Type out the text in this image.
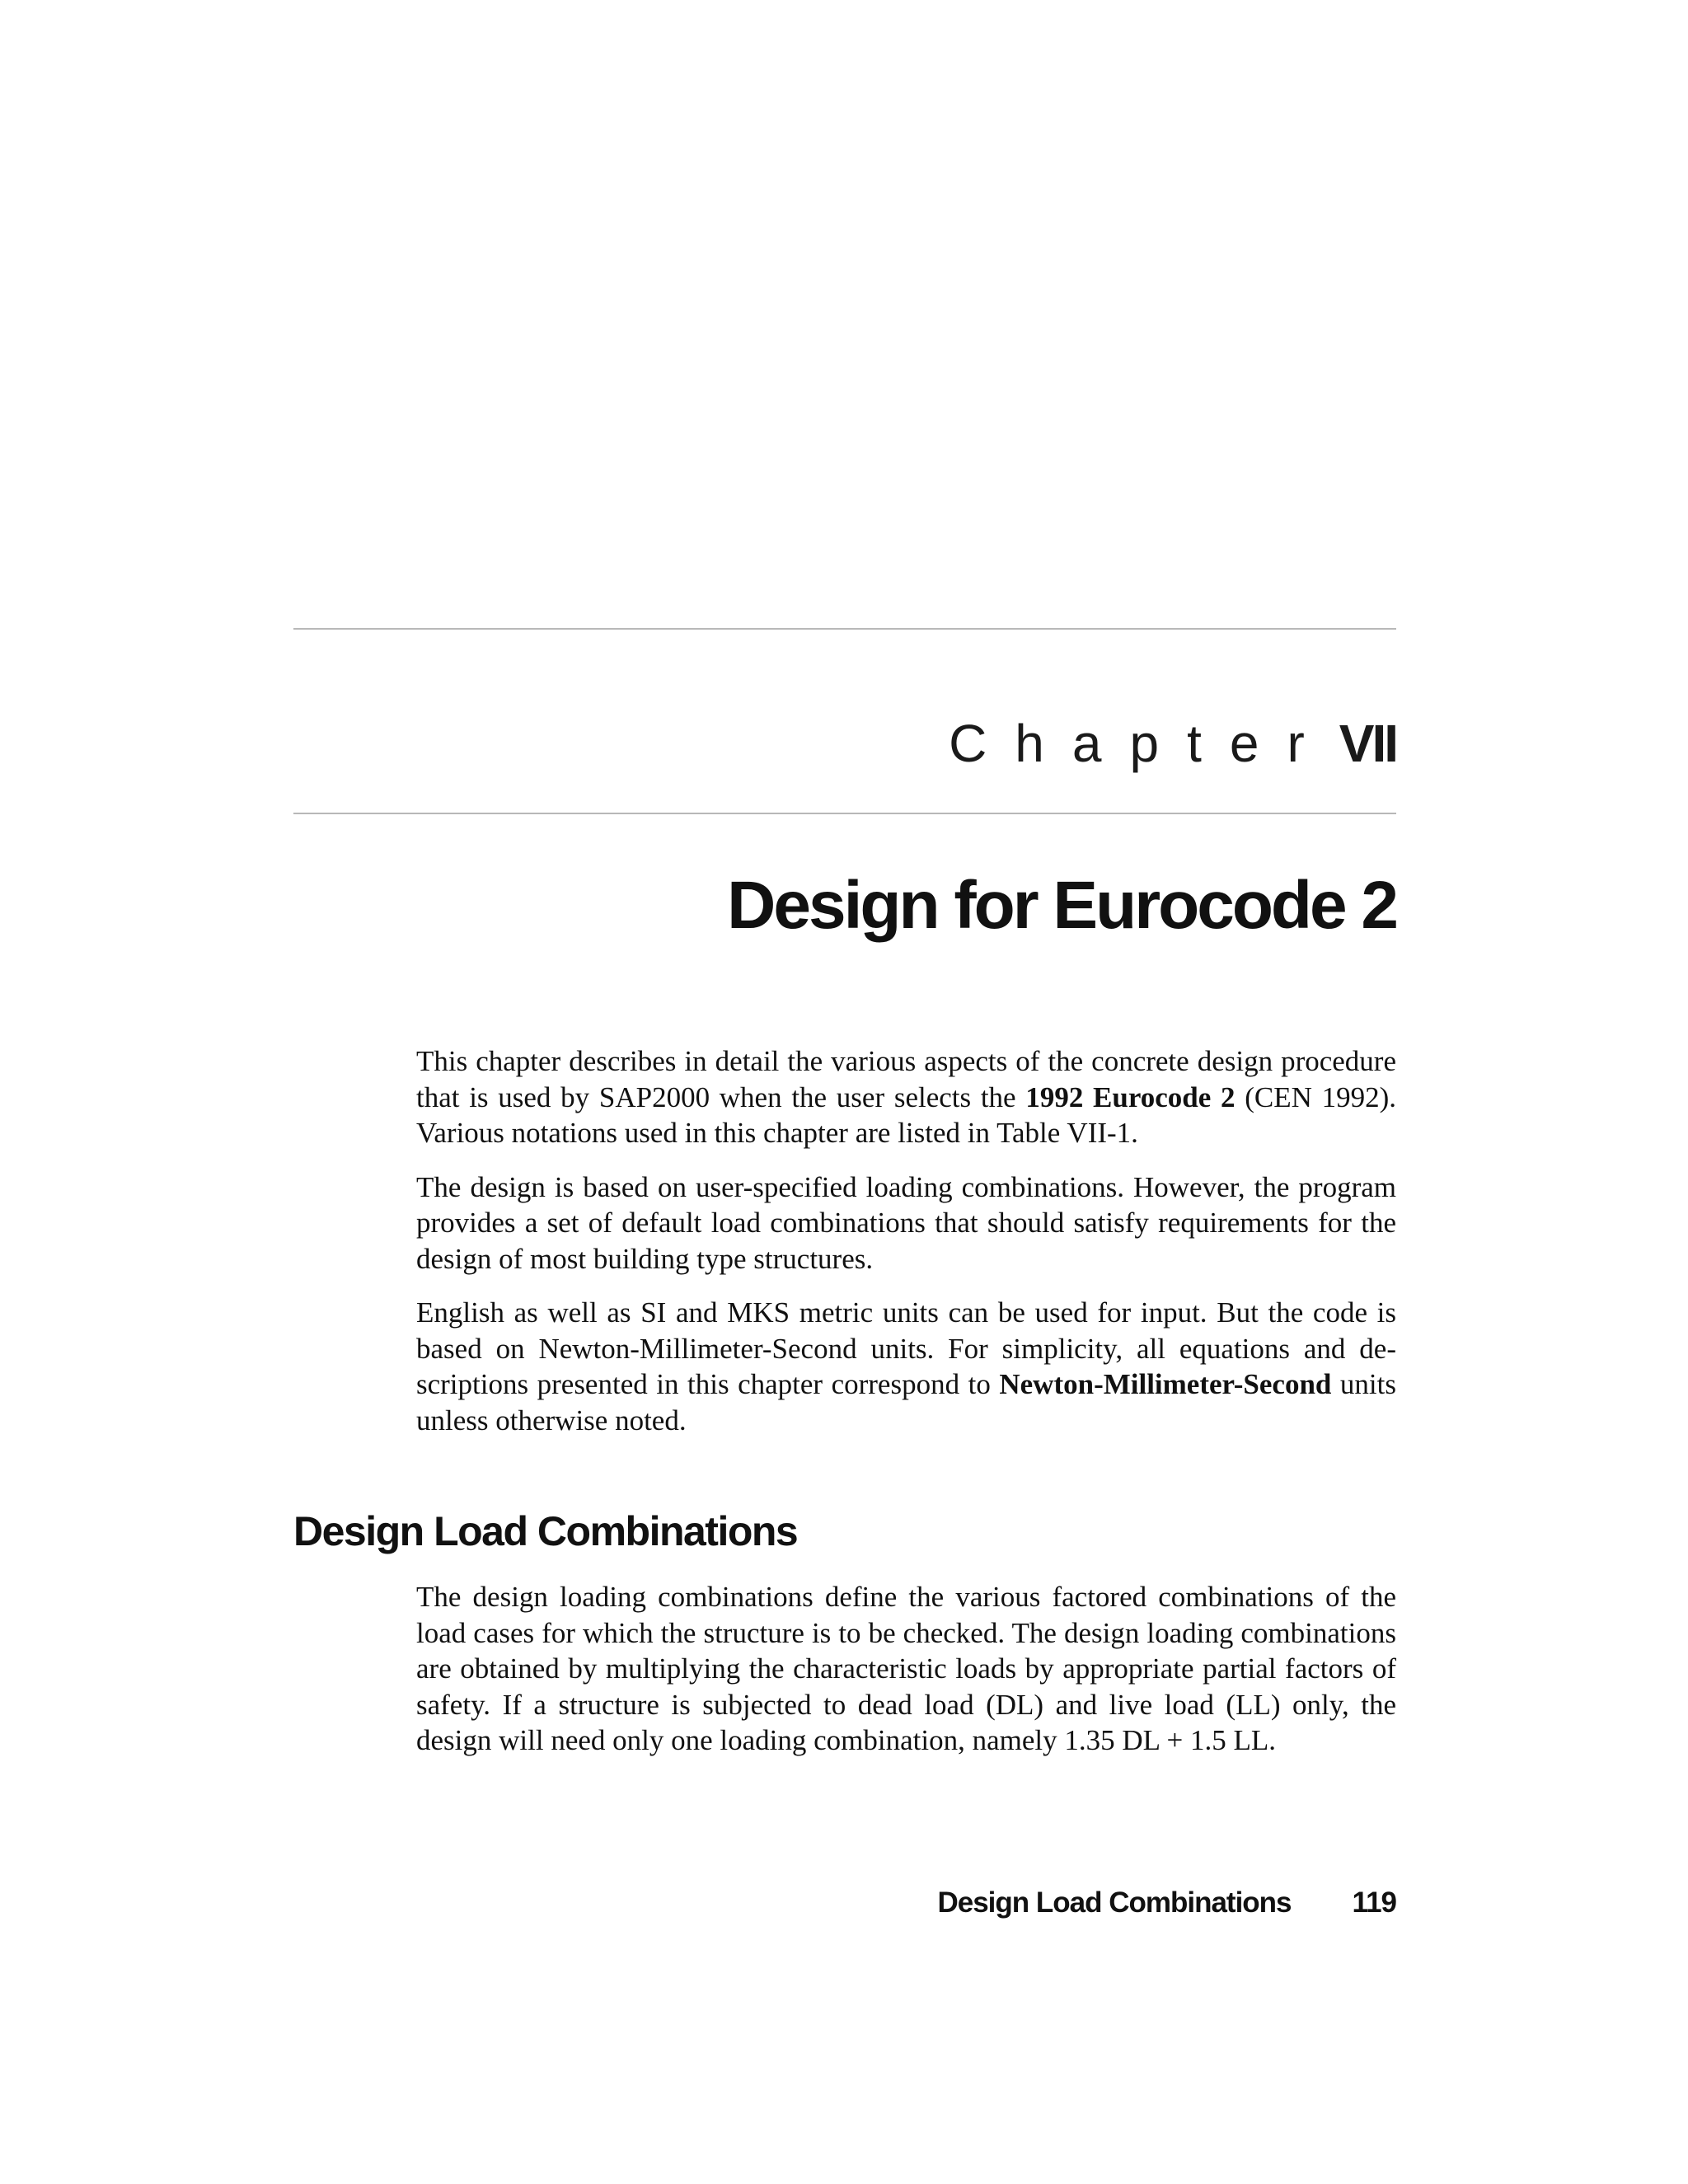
Chapter VII
Design for Eurocode 2

This chapter describes in detail the various aspects of the concrete design procedure that is used by SAP2000 when the user selects the 1992 Eurocode 2 (CEN 1992). Various notations used in this chapter are listed in Table VII-1.

The design is based on user-specified loading combinations. However, the program provides a set of default load combinations that should satisfy requirements for the design of most building type structures.

English as well as SI and MKS metric units can be used for input. But the code is based on Newton-Millimeter-Second units. For simplicity, all equations and descriptions presented in this chapter correspond to Newton-Millimeter-Second units unless otherwise noted.

Design Load Combinations

The design loading combinations define the various factored combinations of the load cases for which the structure is to be checked. The design loading combinations are obtained by multiplying the characteristic loads by appropriate partial factors of safety. If a structure is subjected to dead load (DL) and live load (LL) only, the design will need only one loading combination, namely 1.35 DL + 1.5 LL.

Design Load Combinations 119
